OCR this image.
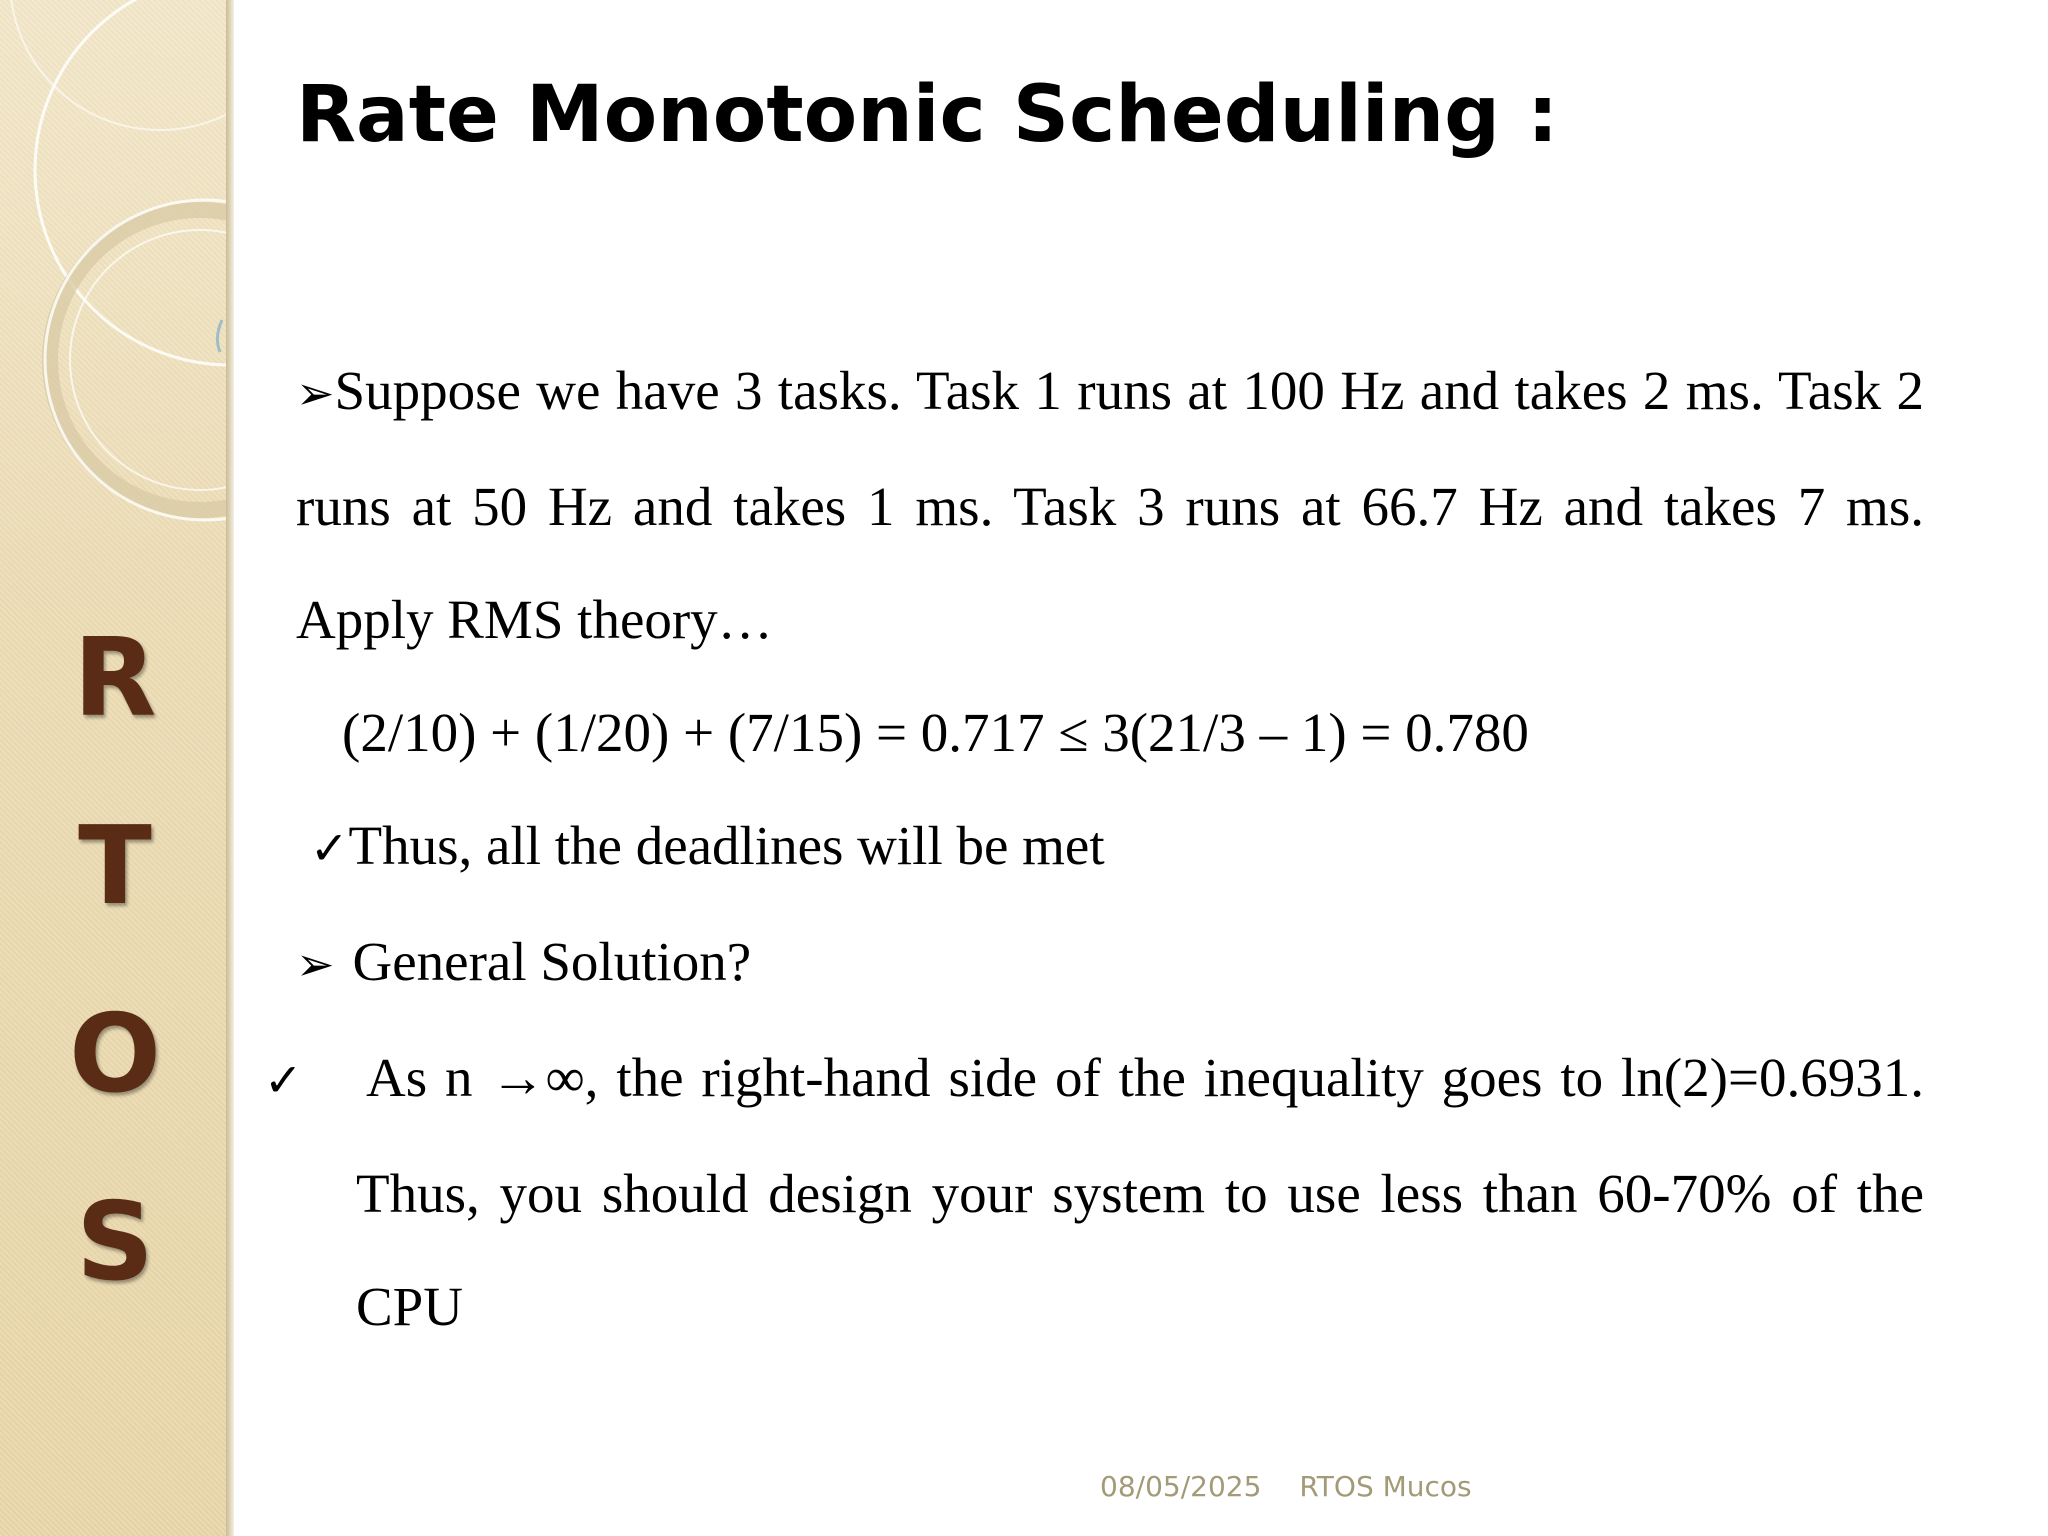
R
T
O
S
Rate Monotonic Scheduling :

➢Suppose we have 3 tasks. Task 1 runs at 100 Hz and takes 2 ms. Task 2 runs at 50 Hz and takes 1 ms. Task 3 runs at 66.7 Hz and takes 7 ms. Apply RMS theory…

(2/10) + (1/20) + (7/15) = 0.717 ≤ 3(21/3 – 1) = 0.780

✓Thus, all the deadlines will be met

➢ General Solution?

✓ As n →∞, the right-hand side of the inequality goes to ln(2)=0.6931. Thus, you should design your system to use less than 60-70% of the CPU

08/05/2025 RTOS Mucos
